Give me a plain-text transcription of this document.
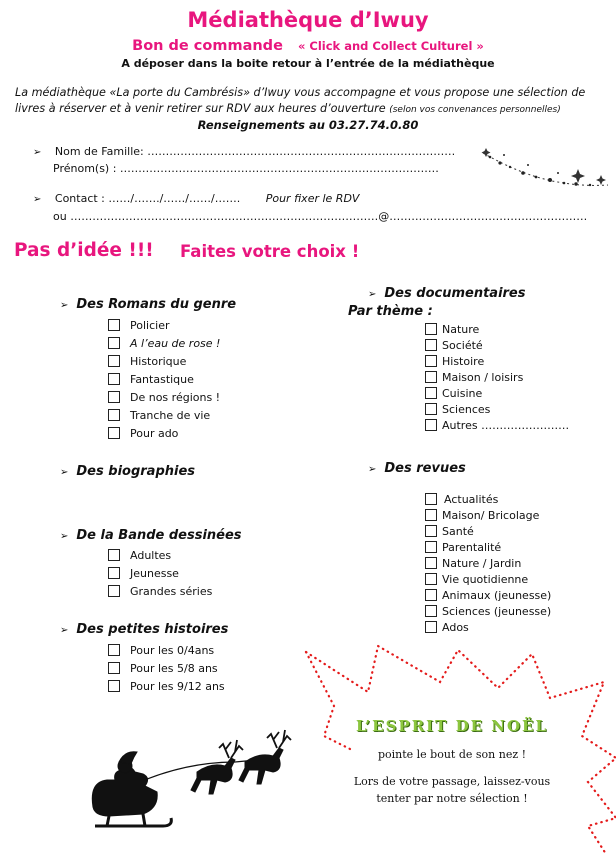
Médiathèque d’Iwuy
Bon de commande « Click and Collect Culturel »
A déposer dans la boite retour à l’entrée de la médiathèque
La médiathèque «La porte du Cambrésis» d’Iwuy vous accompagne et vous propose une sélection de
livres à réserver et à venir retirer sur RDV aux heures d’ouverture (selon vos convenances personnelles)
Renseignements au 03.27.74.0.80
➢ Nom de Famille: …………………………………………………………………………
Prénom(s) : ……………………………………………………………………………
➢ Contact : ……/……./……/……/……. Pour fixer le RDV
ou …………………………………………………………………………@………………………………………………
Pas d’idée !!! Faites votre choix !
➢ Des Romans du genre
Policier
A l’eau de rose !
Historique
Fantastique
De nos régions !
Tranche de vie
Pour ado
➢ Des biographies
➢ De la Bande dessinées
Adultes
Jeunesse
Grandes séries
➢ Des petites histoires
Pour les 0/4ans
Pour les 5/8 ans
Pour les 9/12 ans
➢ Des documentaires
Par thème :
Nature
Société
Histoire
Maison / loisirs
Cuisine
Sciences
Autres ……………………
➢ Des revues
Actualités
Maison/ Bricolage
Santé
Parentalité
Nature / Jardin
Vie quotidienne
Animaux (jeunesse)
Sciences (jeunesse)
Ados
L’ESPRIT DE NOËL
pointe le bout de son nez !
Lors de votre passage, laissez-vous
tenter par notre sélection !
